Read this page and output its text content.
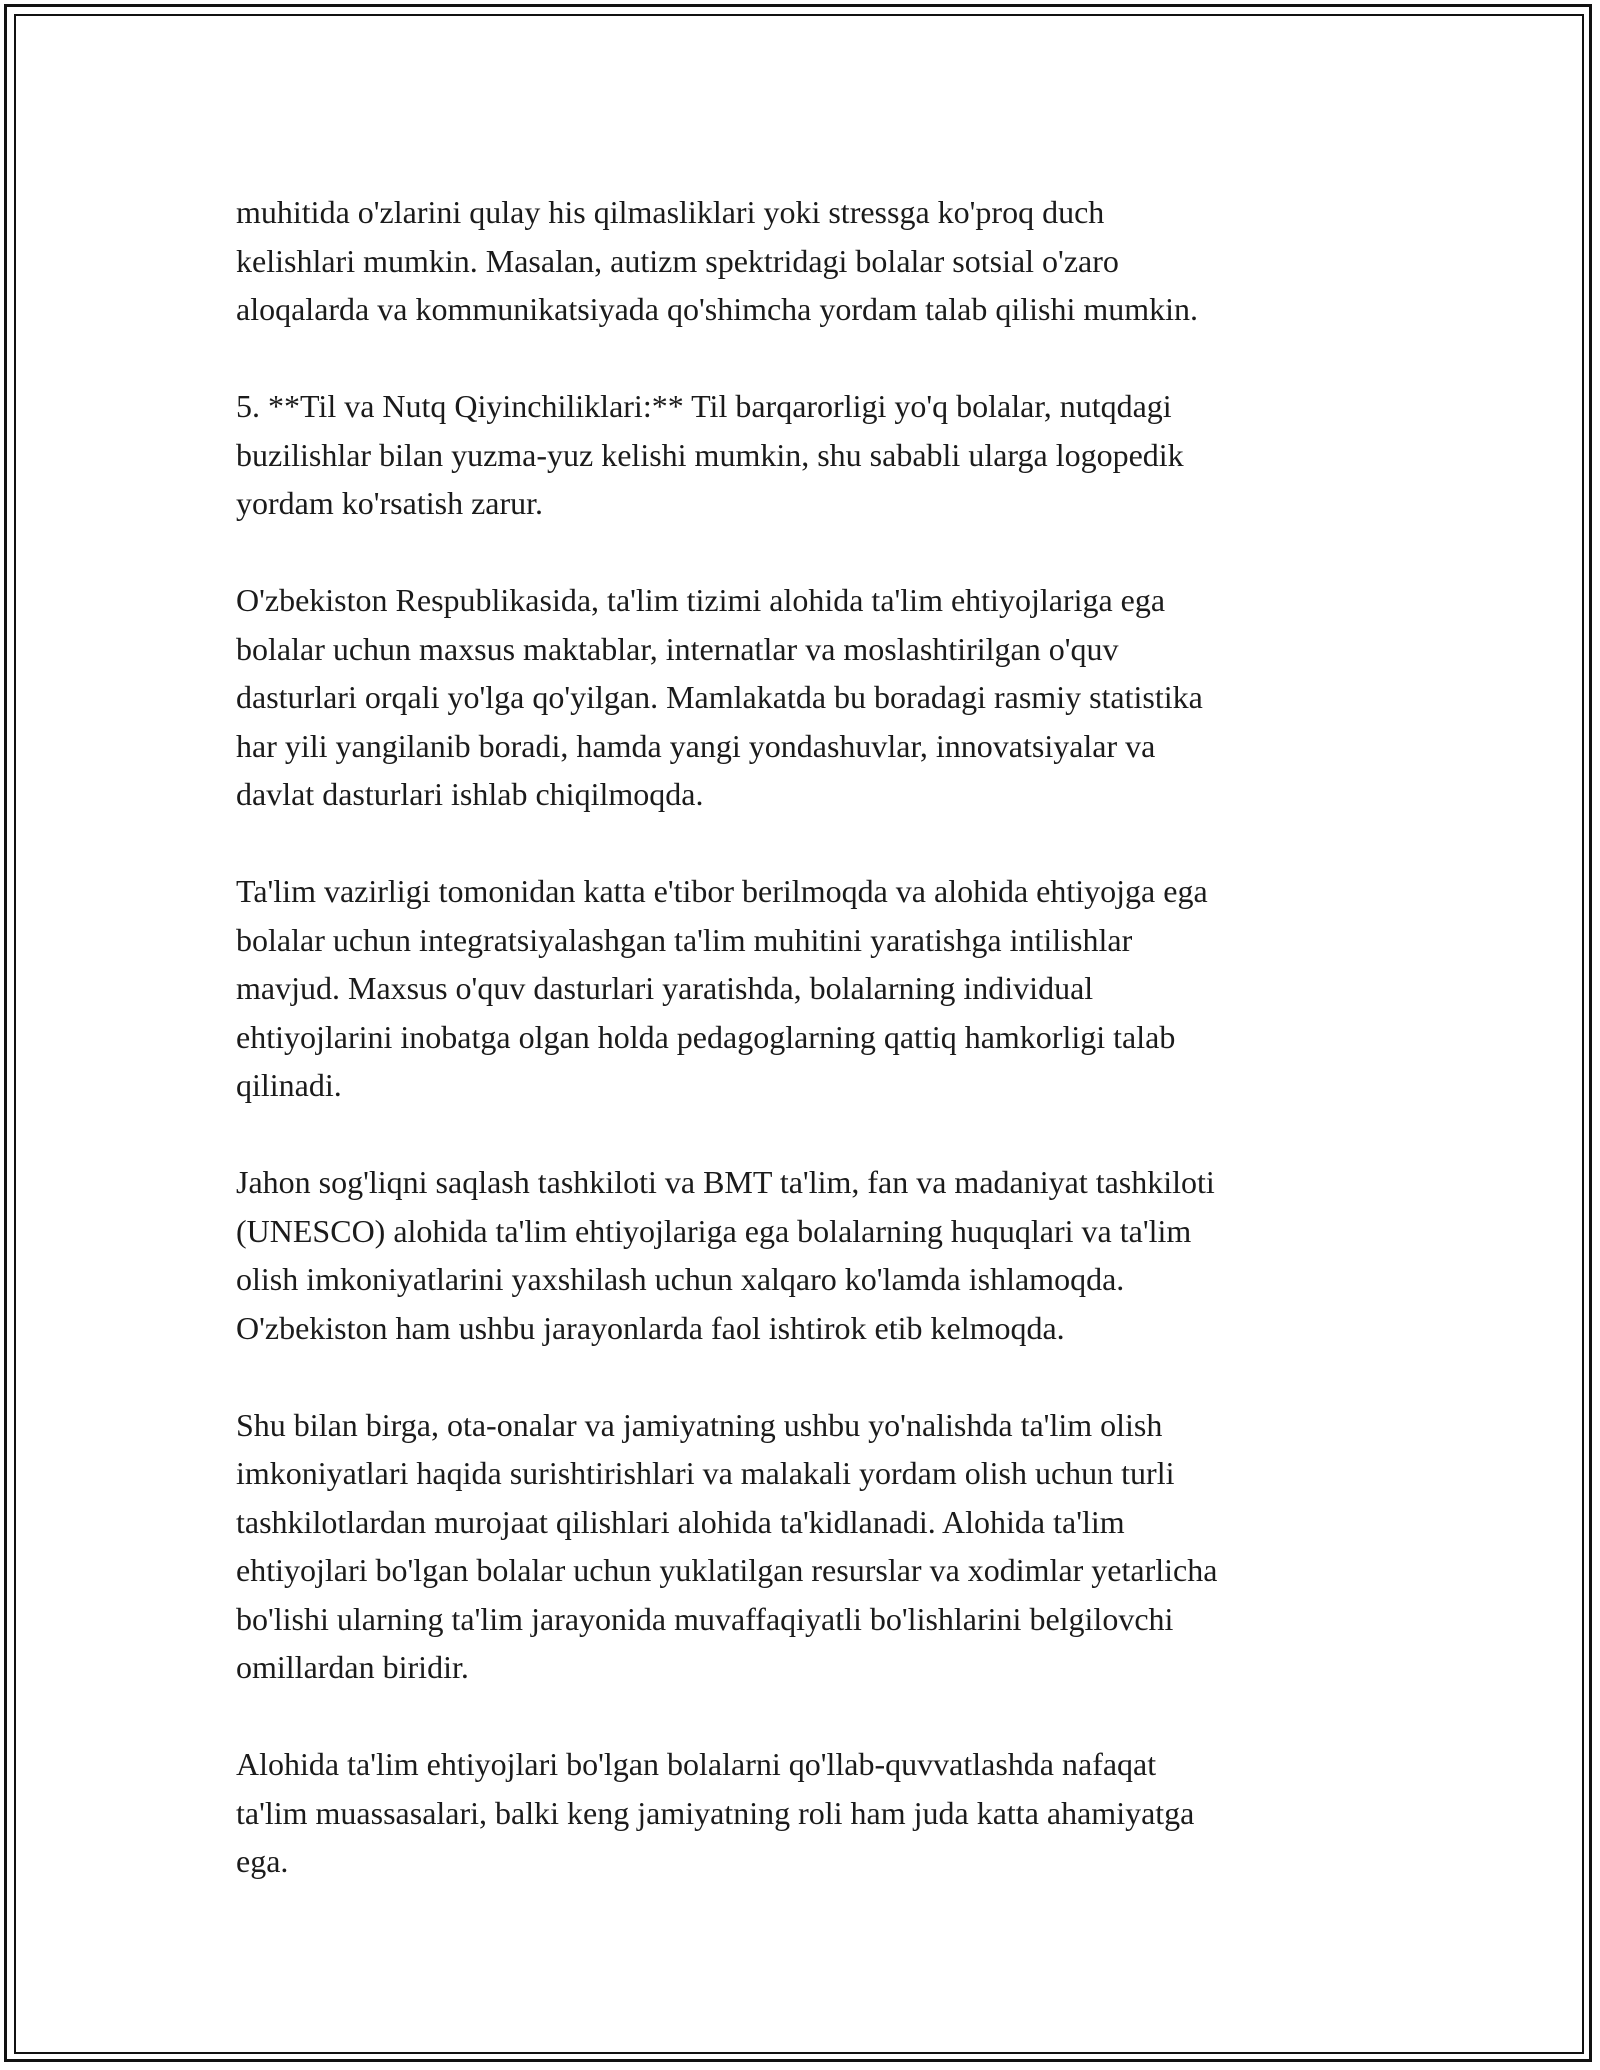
muhitida o'zlarini qulay his qilmasliklari yoki stressga ko'proq duch
kelishlari mumkin. Masalan, autizm spektridagi bolalar sotsial o'zaro
aloqalarda va kommunikatsiyada qo'shimcha yordam talab qilishi mumkin.

5. **Til va Nutq Qiyinchiliklari:** Til barqarorligi yo'q bolalar, nutqdagi
buzilishlar bilan yuzma-yuz kelishi mumkin, shu sababli ularga logopedik
yordam ko'rsatish zarur.

O'zbekiston Respublikasida, ta'lim tizimi alohida ta'lim ehtiyojlariga ega
bolalar uchun maxsus maktablar, internatlar va moslashtirilgan o'quv
dasturlari orqali yo'lga qo'yilgan. Mamlakatda bu boradagi rasmiy statistika
har yili yangilanib boradi, hamda yangi yondashuvlar, innovatsiyalar va
davlat dasturlari ishlab chiqilmoqda.

Ta'lim vazirligi tomonidan katta e'tibor berilmoqda va alohida ehtiyojga ega
bolalar uchun integratsiyalashgan ta'lim muhitini yaratishga intilishlar
mavjud. Maxsus o'quv dasturlari yaratishda, bolalarning individual
ehtiyojlarini inobatga olgan holda pedagoglarning qattiq hamkorligi talab
qilinadi.

Jahon sog'liqni saqlash tashkiloti va BMT ta'lim, fan va madaniyat tashkiloti
(UNESCO) alohida ta'lim ehtiyojlariga ega bolalarning huquqlari va ta'lim
olish imkoniyatlarini yaxshilash uchun xalqaro ko'lamda ishlamoqda.
O'zbekiston ham ushbu jarayonlarda faol ishtirok etib kelmoqda.

Shu bilan birga, ota-onalar va jamiyatning ushbu yo'nalishda ta'lim olish
imkoniyatlari haqida surishtirishlari va malakali yordam olish uchun turli
tashkilotlardan murojaat qilishlari alohida ta'kidlanadi. Alohida ta'lim
ehtiyojlari bo'lgan bolalar uchun yuklatilgan resurslar va xodimlar yetarlicha
bo'lishi ularning ta'lim jarayonida muvaffaqiyatli bo'lishlarini belgilovchi
omillardan biridir.

Alohida ta'lim ehtiyojlari bo'lgan bolalarni qo'llab-quvvatlashda nafaqat
ta'lim muassasalari, balki keng jamiyatning roli ham juda katta ahamiyatga
ega.
